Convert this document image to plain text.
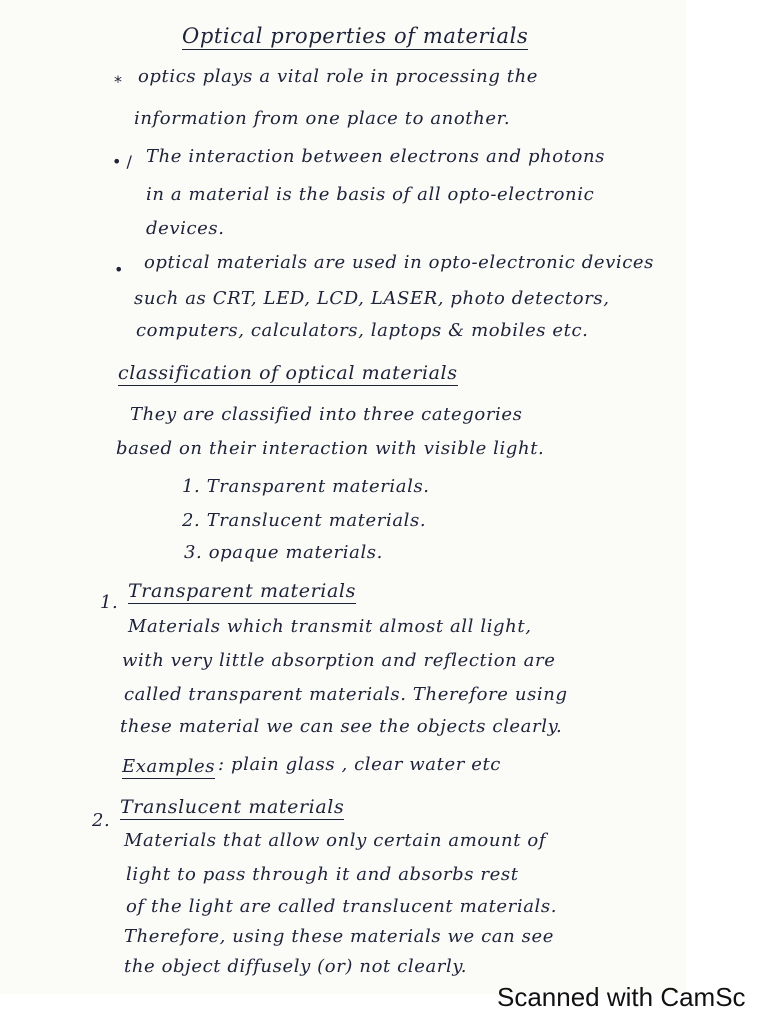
Optical properties of materials
* optics plays a vital role in processing the
information from one place to another.
• / The interaction between electrons and photons
in a material is the basis of all opto-electronic
devices.
• optical materials are used in opto-electronic devices
such as CRT, LED, LCD, LASER, photo detectors,
computers, calculators, laptops & mobiles etc.
classification of optical materials
They are classified into three categories
based on their interaction with visible light.
1. Transparent materials.
2. Translucent materials.
3. opaque materials.
1.
Transparent materials
Materials which transmit almost all light,
with very little absorption and reflection are
called transparent materials. Therefore using
these material we can see the objects clearly.
Examples : plain glass , clear water etc
2.
Translucent materials
Materials that allow only certain amount of
light to pass through it and absorbs rest
of the light are called translucent materials.
Therefore, using these materials we can see
the object diffusely (or) not clearly.
Scanned with CamSc
